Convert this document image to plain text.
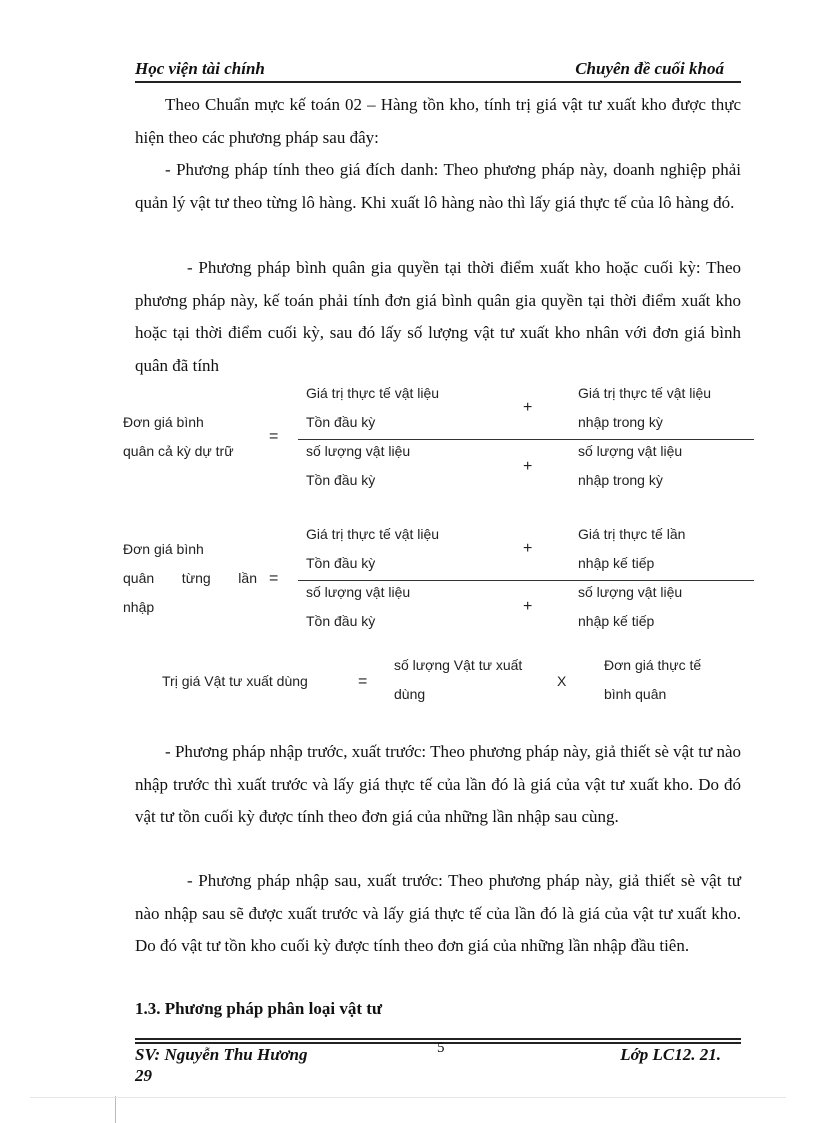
Học viện tài chính	Chuyên đề cuối khoá

Theo Chuẩn mực kế toán 02 – Hàng tồn kho, tính trị giá vật tư xuất kho được thực hiện theo các phương pháp sau đây:

- Phương pháp tính theo giá đích danh: Theo phương pháp này, doanh nghiệp phải quản lý vật tư theo từng lô hàng. Khi xuất lô hàng nào thì lấy giá thực tế của lô hàng đó.

- Phương pháp bình quân gia quyền tại thời điểm xuất kho hoặc cuối kỳ: Theo phương pháp này, kế toán phải tính đơn giá bình quân gia quyền tại thời điểm xuất kho hoặc tại thời điểm cuối kỳ, sau đó lấy số lượng vật tư xuất kho nhân với đơn giá bình quân đã tính

Đơn giá bình
quân cả kỳ dự trữ
=
Giá trị thực tế vật liệu
Tồn đầu kỳ
+
Giá trị thực tế vật liệu
nhập trong kỳ
số lượng vật liệu
Tồn đầu kỳ
+
số lượng vật liệu
nhập trong kỳ
Đơn giá bình
quân từng lần
nhập
=
Giá trị thực tế vật liệu
Tồn đầu kỳ
+
Giá trị thực tế lần
nhập kế tiếp
số lượng vật liệu
Tồn đầu kỳ
+
số lượng vật liệu
nhập kế tiếp
Trị giá Vật tư xuất dùng	=
số lượng Vật tư xuất
dùng
X
Đơn giá thực tế
bình quân

- Phương pháp nhập trước, xuất trước: Theo phương pháp này, giả thiết sè vật tư nào nhập trước thì xuất trước và lấy giá thực tế của lần đó là giá của vật tư xuất kho. Do đó vật tư tồn cuối kỳ được tính theo đơn giá của những lần nhập sau cùng.

- Phương pháp nhập sau, xuất trước: Theo phương pháp này, giả thiết sè vật tư nào nhập sau sẽ được xuất trước và lấy giá thực tế của lần đó là giá của vật tư xuất kho. Do đó vật tư tồn kho cuối kỳ được tính theo đơn giá của những lần nhập đầu tiên.

1.3. Phương pháp phân loại vật tư
SV: Nguyễn Thu Hương	5	Lớp LC12. 21.
29
